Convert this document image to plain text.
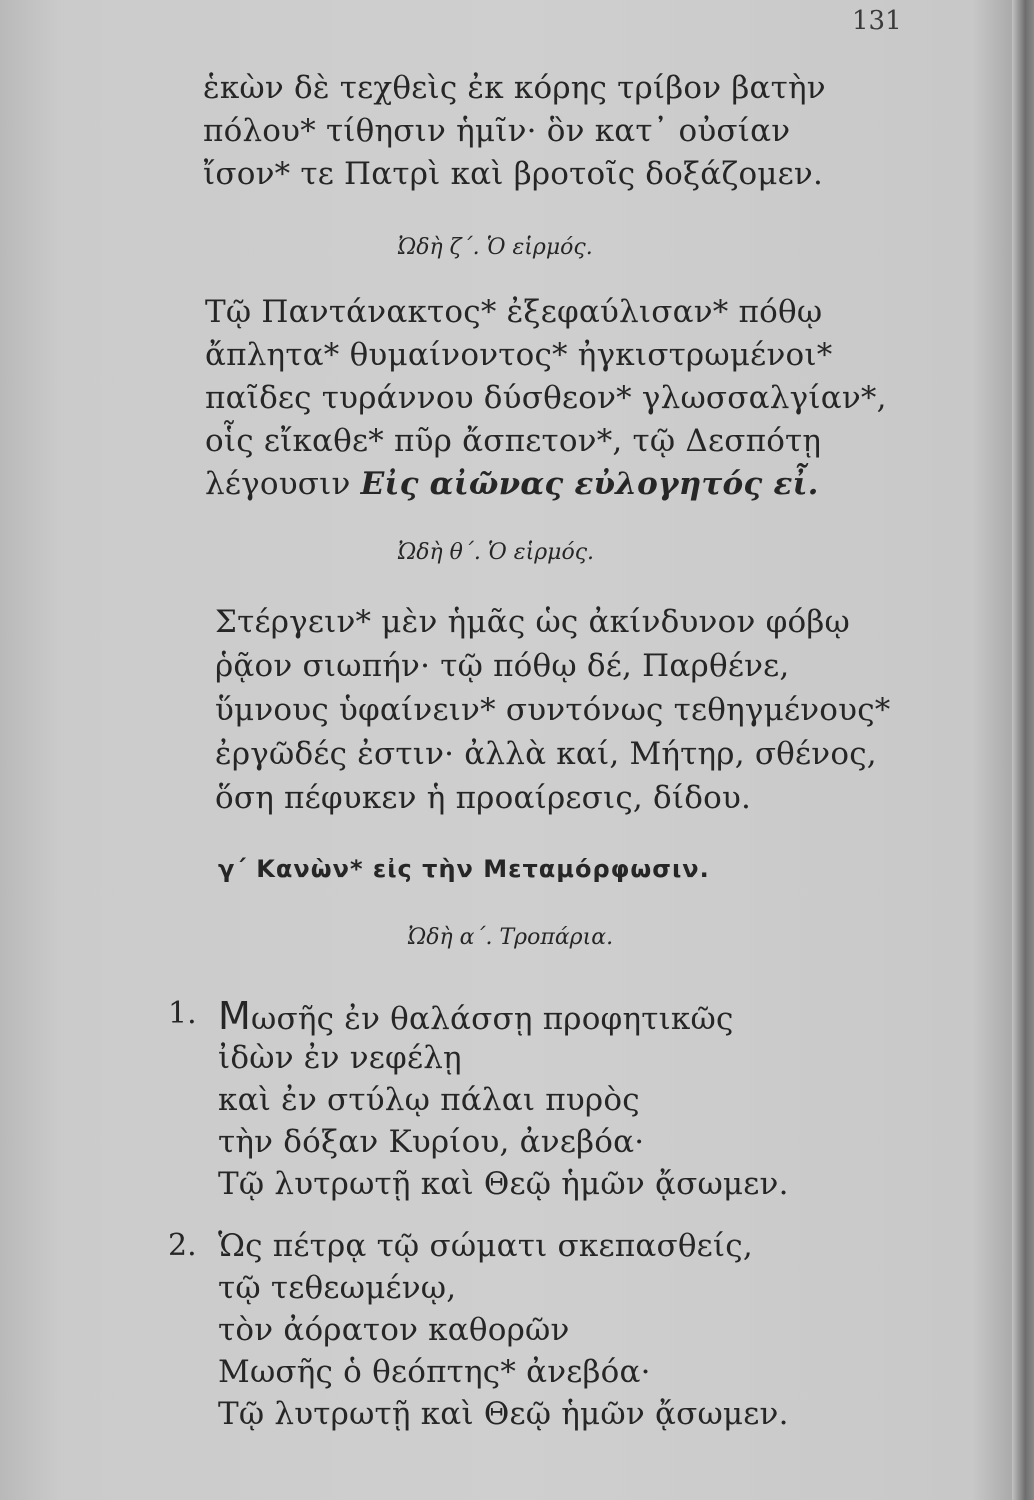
131
ἑκὼν δὲ τεχθεὶς ἐκ κόρης τρίβον βατὴν
πόλου* τίθησιν ἡμῖν· ὃν κατ᾽ οὐσίαν
ἴσον* τε Πατρὶ καὶ βροτοῖς δοξάζομεν.
Ὠδὴ ζ΄. Ὁ εἱρμός.
Τῷ Παντάνακτος* ἐξεφαύλισαν* πόθῳ
ἄπλητα* θυμαίνοντος* ἠγκιστρωμένοι*
παῖδες τυράννου δύσθεον* γλωσσαλγίαν*,
οἷς εἴκαθε* πῦρ ἄσπετον*, τῷ Δεσπότῃ
λέγουσιν Εἰς αἰῶνας εὐλογητός εἶ.
Ὠδὴ θ΄. Ὁ εἱρμός.
Στέργειν* μὲν ἡμᾶς ὡς ἀκίνδυνον φόβῳ
ῥᾷον σιωπήν· τῷ πόθῳ δέ, Παρθένε,
ὕμνους ὑφαίνειν* συντόνως τεθηγμένους*
ἐργῶδές ἐστιν· ἀλλὰ καί, Μήτηρ, σθένος,
ὅση πέφυκεν ἡ προαίρεσις, δίδου.
γ΄ Κανὼν* εἰς τὴν Μεταμόρφωσιν.
Ὠδὴ α΄. Τροπάρια.
1. Μωσῆς ἐν θαλάσσῃ προφητικῶς
ἰδὼν ἐν νεφέλῃ
καὶ ἐν στύλῳ πάλαι πυρὸς
τὴν δόξαν Κυρίου, ἀνεβόα·
Τῷ λυτρωτῇ καὶ Θεῷ ἡμῶν ᾄσωμεν.
2. Ὡς πέτρᾳ τῷ σώματι σκεπασθείς,
τῷ τεθεωμένῳ,
τὸν ἀόρατον καθορῶν
Μωσῆς ὁ θεόπτης* ἀνεβόα·
Τῷ λυτρωτῇ καὶ Θεῷ ἡμῶν ᾄσωμεν.
